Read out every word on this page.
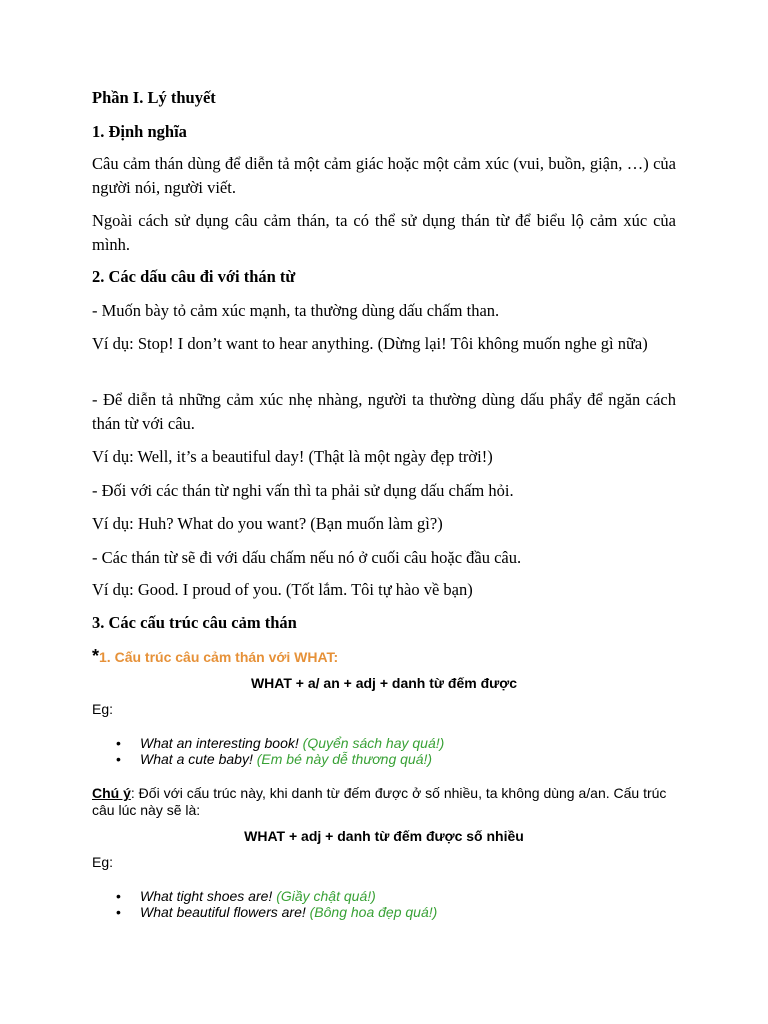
Phần I. Lý thuyết
1. Định nghĩa
Câu cảm thán dùng để diễn tả một cảm giác hoặc một cảm xúc (vui, buồn, giận, …) của người nói, người viết.
Ngoài cách sử dụng câu cảm thán, ta có thể sử dụng thán từ để biểu lộ cảm xúc của mình.
2. Các dấu câu đi với thán từ
- Muốn bày tỏ cảm xúc mạnh, ta thường dùng dấu chấm than.
Ví dụ: Stop! I don’t want to hear anything. (Dừng lại! Tôi không muốn nghe gì nữa)
- Để diễn tả những cảm xúc nhẹ nhàng, người ta thường dùng dấu phẩy để ngăn cách thán từ với câu.
Ví dụ: Well, it’s a beautiful day! (Thật là một ngày đẹp trời!)
- Đối với các thán từ nghi vấn thì ta phải sử dụng dấu chấm hỏi.
Ví dụ: Huh? What do you want? (Bạn muốn làm gì?)
- Các thán từ sẽ đi với dấu chấm nếu nó ở cuối câu hoặc đầu câu.
Ví dụ: Good. I proud of you. (Tốt lắm. Tôi tự hào về bạn)
3. Các cấu trúc câu cảm thán
*1. Cấu trúc câu cảm thán với WHAT:
WHAT + a/ an + adj + danh từ đếm được
Eg:
• What an interesting book! (Quyển sách hay quá!)
• What a cute baby! (Em bé này dễ thương quá!)
Chú ý: Đối với cấu trúc này, khi danh từ đếm được ở số nhiều, ta không dùng a/an. Cấu trúc câu lúc này sẽ là:
WHAT + adj + danh từ đếm được số nhiều
Eg:
• What tight shoes are! (Giầy chật quá!)
• What beautiful flowers are! (Bông hoa đẹp quá!)
